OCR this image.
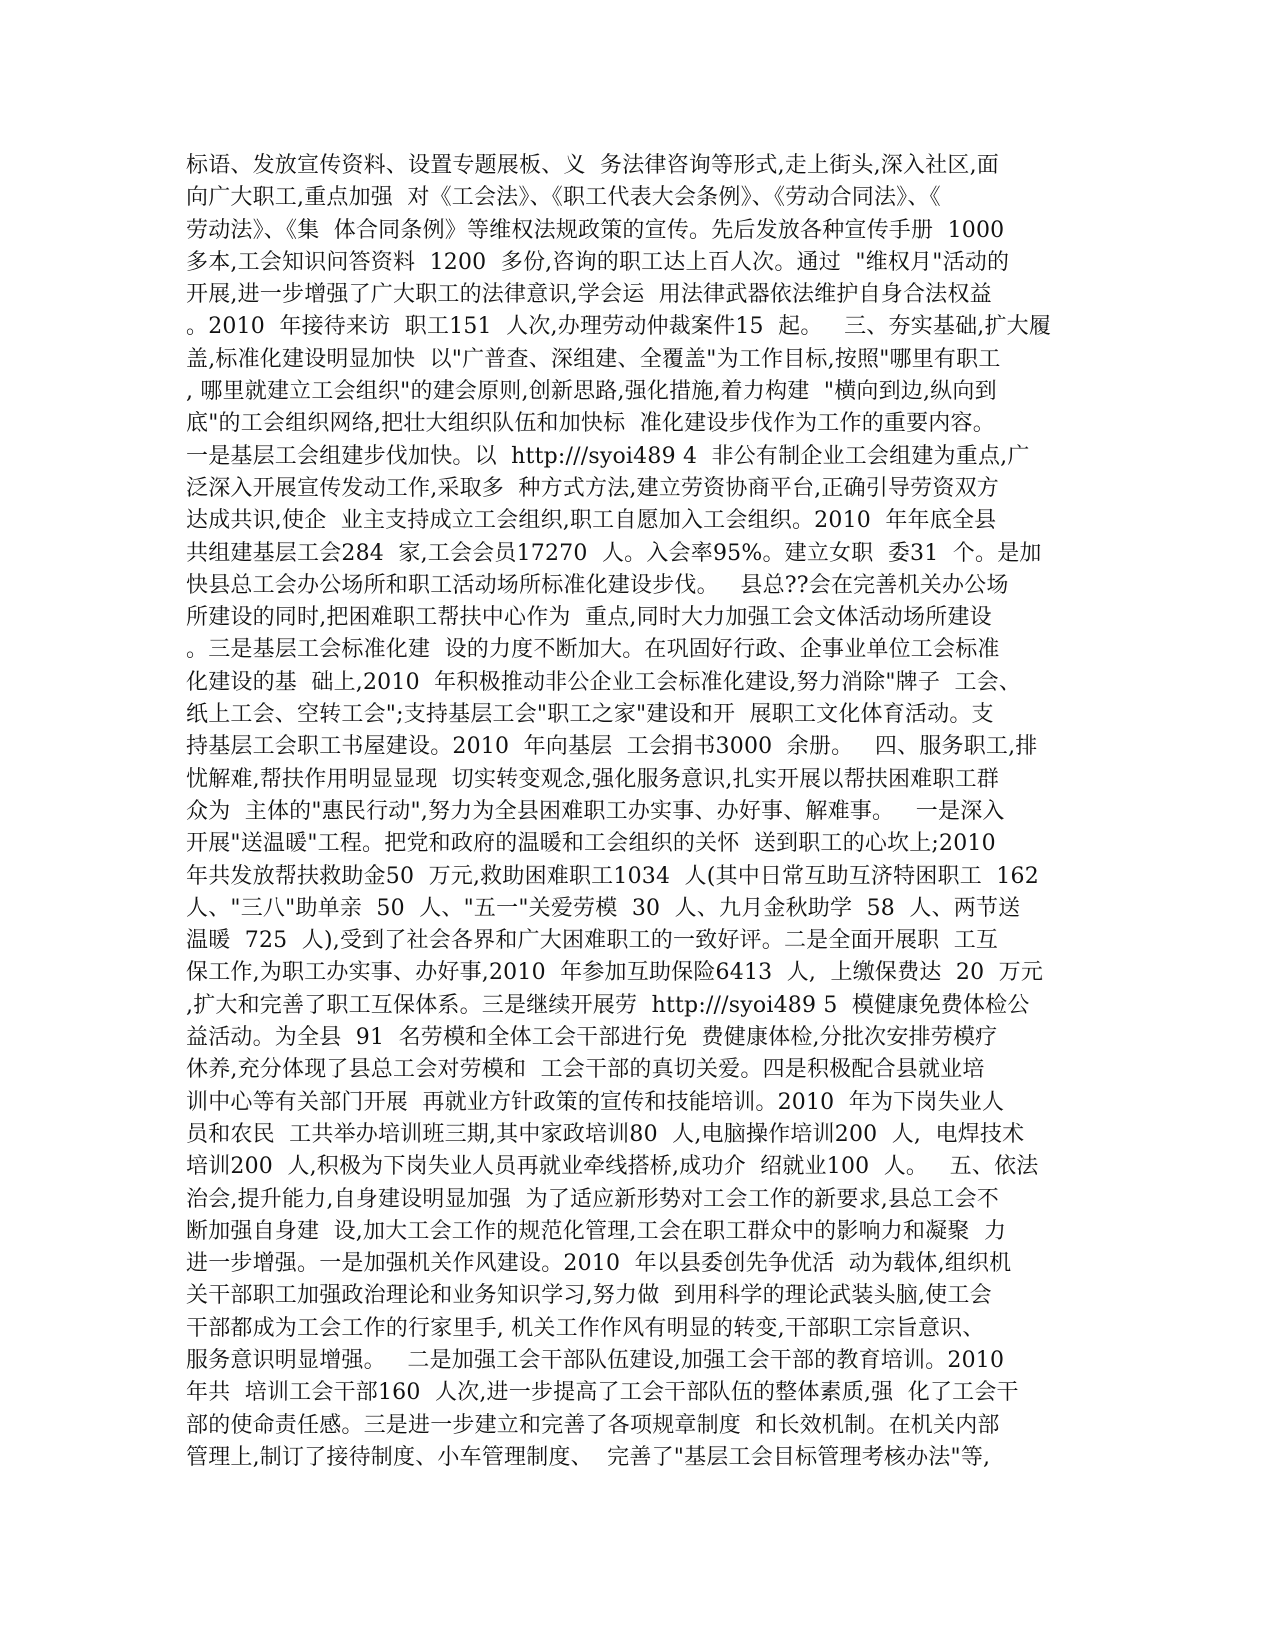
标语、发放宣传资料、设置专题展板、义  务法律咨询等形式,走上街头,深入社区,面
向广大职工,重点加强  对《工会法》、《职工代表大会条例》、《劳动合同法》、《
劳动法》、《集  体合同条例》等维权法规政策的宣传。先后发放各种宣传手册  1000
多本,工会知识问答资料  1200  多份,咨询的职工达上百人次。通过  "维权月"活动的
开展,进一步增强了广大职工的法律意识,学会运  用法律武器依法维护自身合法权益
。2010  年接待来访  职工151  人次,办理劳动仲裁案件15  起。   三、夯实基础,扩大履
盖,标准化建设明显加快  以"广普查、深组建、全覆盖"为工作目标,按照"哪里有职工
, 哪里就建立工会组织"的建会原则,创新思路,强化措施,着力构建  "横向到边,纵向到
底"的工会组织网络,把壮大组织队伍和加快标  准化建设步伐作为工作的重要内容。
一是基层工会组建步伐加快。以  http:///syoi489 4  非公有制企业工会组建为重点,广
泛深入开展宣传发动工作,采取多  种方式方法,建立劳资协商平台,正确引导劳资双方
达成共识,使企  业主支持成立工会组织,职工自愿加入工会组织。2010  年年底全县
共组建基层工会284  家,工会会员17270  人。入会率95%。建立女职  委31  个。是加
快县总工会办公场所和职工活动场所标准化建设步伐。   县总??会在完善机关办公场
所建设的同时,把困难职工帮扶中心作为  重点,同时大力加强工会文体活动场所建设
。三是基层工会标准化建  设的力度不断加大。在巩固好行政、企事业单位工会标准
化建设的基  础上,2010  年积极推动非公企业工会标准化建设,努力消除"牌子  工会、
纸上工会、空转工会";支持基层工会"职工之家"建设和开  展职工文化体育活动。支
持基层工会职工书屋建设。2010  年向基层  工会捐书3000  余册。   四、服务职工,排
忧解难,帮扶作用明显显现  切实转变观念,强化服务意识,扎实开展以帮扶困难职工群
众为  主体的"惠民行动",努力为全县困难职工办实事、办好事、解难事。   一是深入
开展"送温暖"工程。把党和政府的温暖和工会组织的关怀  送到职工的心坎上;2010
年共发放帮扶救助金50  万元,救助困难职工1034  人(其中日常互助互济特困职工  162
人、"三八"助单亲  50  人、"五一"关爱劳模  30  人、九月金秋助学  58  人、两节送
温暖  725  人),受到了社会各界和广大困难职工的一致好评。二是全面开展职  工互
保工作,为职工办实事、办好事,2010  年参加互助保险6413  人,  上缴保费达  20  万元
,扩大和完善了职工互保体系。三是继续开展劳  http:///syoi489 5  模健康免费体检公
益活动。为全县  91  名劳模和全体工会干部进行免  费健康体检,分批次安排劳模疗
休养,充分体现了县总工会对劳模和  工会干部的真切关爱。四是积极配合县就业培
训中心等有关部门开展  再就业方针政策的宣传和技能培训。2010  年为下岗失业人
员和农民  工共举办培训班三期,其中家政培训80  人,电脑操作培训200  人,  电焊技术
培训200  人,积极为下岗失业人员再就业牵线搭桥,成功介  绍就业100  人。   五、依法
治会,提升能力,自身建设明显加强  为了适应新形势对工会工作的新要求,县总工会不
断加强自身建  设,加大工会工作的规范化管理,工会在职工群众中的影响力和凝聚  力
进一步增强。一是加强机关作风建设。2010  年以县委创先争优活  动为载体,组织机
关干部职工加强政治理论和业务知识学习,努力做  到用科学的理论武装头脑,使工会
干部都成为工会工作的行家里手, 机关工作作风有明显的转变,干部职工宗旨意识、
服务意识明显增强。   二是加强工会干部队伍建设,加强工会干部的教育培训。2010
年共  培训工会干部160  人次,进一步提高了工会干部队伍的整体素质,强  化了工会干
部的使命责任感。三是进一步建立和完善了各项规章制度  和长效机制。在机关内部
管理上,制订了接待制度、小车管理制度、  完善了"基层工会目标管理考核办法"等,
